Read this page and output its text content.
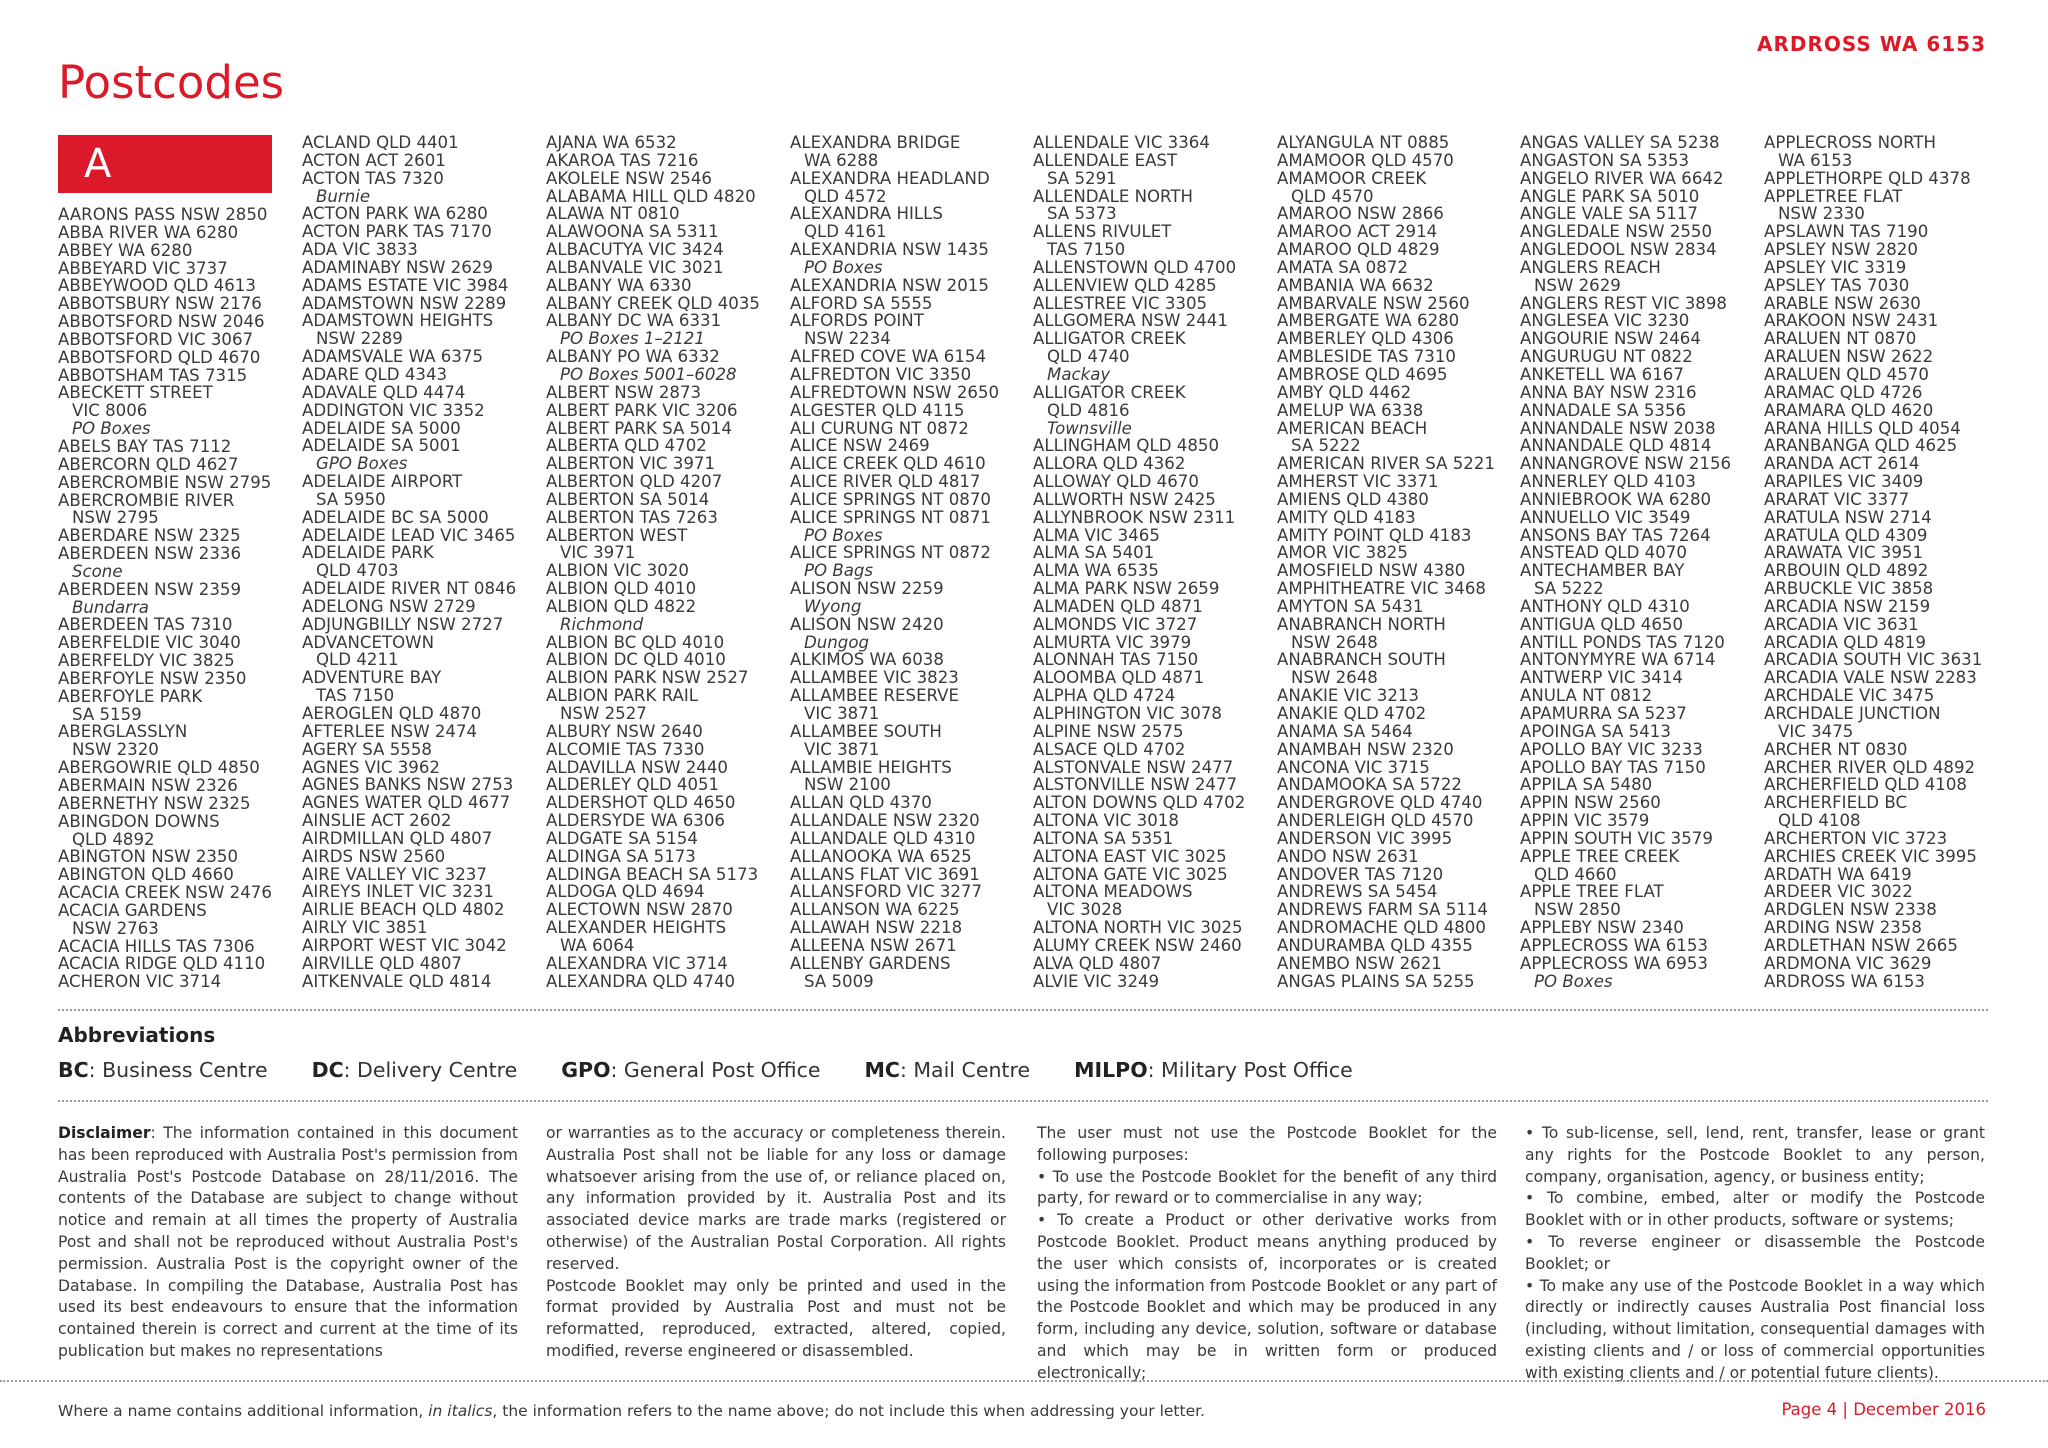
ARDROSS WA 6153
Postcodes
A
AARONS PASS NSW 2850
ABBA RIVER WA 6280
ABBEY WA 6280
ABBEYARD VIC 3737
ABBEYWOOD QLD 4613
ABBOTSBURY NSW 2176
ABBOTSFORD NSW 2046
ABBOTSFORD VIC 3067
ABBOTSFORD QLD 4670
ABBOTSHAM TAS 7315
ABECKETT STREET
VIC 8006
PO Boxes
ABELS BAY TAS 7112
ABERCORN QLD 4627
ABERCROMBIE NSW 2795
ABERCROMBIE RIVER
NSW 2795
ABERDARE NSW 2325
ABERDEEN NSW 2336
Scone
ABERDEEN NSW 2359
Bundarra
ABERDEEN TAS 7310
ABERFELDIE VIC 3040
ABERFELDY VIC 3825
ABERFOYLE NSW 2350
ABERFOYLE PARK
SA 5159
ABERGLASSLYN
NSW 2320
ABERGOWRIE QLD 4850
ABERMAIN NSW 2326
ABERNETHY NSW 2325
ABINGDON DOWNS
QLD 4892
ABINGTON NSW 2350
ABINGTON QLD 4660
ACACIA CREEK NSW 2476
ACACIA GARDENS
NSW 2763
ACACIA HILLS TAS 7306
ACACIA RIDGE QLD 4110
ACHERON VIC 3714
ACLAND QLD 4401
ACTON ACT 2601
ACTON TAS 7320
Burnie
ACTON PARK WA 6280
ACTON PARK TAS 7170
ADA VIC 3833
ADAMINABY NSW 2629
ADAMS ESTATE VIC 3984
ADAMSTOWN NSW 2289
ADAMSTOWN HEIGHTS
NSW 2289
ADAMSVALE WA 6375
ADARE QLD 4343
ADAVALE QLD 4474
ADDINGTON VIC 3352
ADELAIDE SA 5000
ADELAIDE SA 5001
GPO Boxes
ADELAIDE AIRPORT
SA 5950
ADELAIDE BC SA 5000
ADELAIDE LEAD VIC 3465
ADELAIDE PARK
QLD 4703
ADELAIDE RIVER NT 0846
ADELONG NSW 2729
ADJUNGBILLY NSW 2727
ADVANCETOWN
QLD 4211
ADVENTURE BAY
TAS 7150
AEROGLEN QLD 4870
AFTERLEE NSW 2474
AGERY SA 5558
AGNES VIC 3962
AGNES BANKS NSW 2753
AGNES WATER QLD 4677
AINSLIE ACT 2602
AIRDMILLAN QLD 4807
AIRDS NSW 2560
AIRE VALLEY VIC 3237
AIREYS INLET VIC 3231
AIRLIE BEACH QLD 4802
AIRLY VIC 3851
AIRPORT WEST VIC 3042
AIRVILLE QLD 4807
AITKENVALE QLD 4814
AJANA WA 6532
AKAROA TAS 7216
AKOLELE NSW 2546
ALABAMA HILL QLD 4820
ALAWA NT 0810
ALAWOONA SA 5311
ALBACUTYA VIC 3424
ALBANVALE VIC 3021
ALBANY WA 6330
ALBANY CREEK QLD 4035
ALBANY DC WA 6331
PO Boxes 1–2121
ALBANY PO WA 6332
PO Boxes 5001–6028
ALBERT NSW 2873
ALBERT PARK VIC 3206
ALBERT PARK SA 5014
ALBERTA QLD 4702
ALBERTON VIC 3971
ALBERTON QLD 4207
ALBERTON SA 5014
ALBERTON TAS 7263
ALBERTON WEST
VIC 3971
ALBION VIC 3020
ALBION QLD 4010
ALBION QLD 4822
Richmond
ALBION BC QLD 4010
ALBION DC QLD 4010
ALBION PARK NSW 2527
ALBION PARK RAIL
NSW 2527
ALBURY NSW 2640
ALCOMIE TAS 7330
ALDAVILLA NSW 2440
ALDERLEY QLD 4051
ALDERSHOT QLD 4650
ALDERSYDE WA 6306
ALDGATE SA 5154
ALDINGA SA 5173
ALDINGA BEACH SA 5173
ALDOGA QLD 4694
ALECTOWN NSW 2870
ALEXANDER HEIGHTS
WA 6064
ALEXANDRA VIC 3714
ALEXANDRA QLD 4740
ALEXANDRA BRIDGE
WA 6288
ALEXANDRA HEADLAND
QLD 4572
ALEXANDRA HILLS
QLD 4161
ALEXANDRIA NSW 1435
PO Boxes
ALEXANDRIA NSW 2015
ALFORD SA 5555
ALFORDS POINT
NSW 2234
ALFRED COVE WA 6154
ALFREDTON VIC 3350
ALFREDTOWN NSW 2650
ALGESTER QLD 4115
ALI CURUNG NT 0872
ALICE NSW 2469
ALICE CREEK QLD 4610
ALICE RIVER QLD 4817
ALICE SPRINGS NT 0870
ALICE SPRINGS NT 0871
PO Boxes
ALICE SPRINGS NT 0872
PO Bags
ALISON NSW 2259
Wyong
ALISON NSW 2420
Dungog
ALKIMOS WA 6038
ALLAMBEE VIC 3823
ALLAMBEE RESERVE
VIC 3871
ALLAMBEE SOUTH
VIC 3871
ALLAMBIE HEIGHTS
NSW 2100
ALLAN QLD 4370
ALLANDALE NSW 2320
ALLANDALE QLD 4310
ALLANOOKA WA 6525
ALLANS FLAT VIC 3691
ALLANSFORD VIC 3277
ALLANSON WA 6225
ALLAWAH NSW 2218
ALLEENA NSW 2671
ALLENBY GARDENS
SA 5009
ALLENDALE VIC 3364
ALLENDALE EAST
SA 5291
ALLENDALE NORTH
SA 5373
ALLENS RIVULET
TAS 7150
ALLENSTOWN QLD 4700
ALLENVIEW QLD 4285
ALLESTREE VIC 3305
ALLGOMERA NSW 2441
ALLIGATOR CREEK
QLD 4740
Mackay
ALLIGATOR CREEK
QLD 4816
Townsville
ALLINGHAM QLD 4850
ALLORA QLD 4362
ALLOWAY QLD 4670
ALLWORTH NSW 2425
ALLYNBROOK NSW 2311
ALMA VIC 3465
ALMA SA 5401
ALMA WA 6535
ALMA PARK NSW 2659
ALMADEN QLD 4871
ALMONDS VIC 3727
ALMURTA VIC 3979
ALONNAH TAS 7150
ALOOMBA QLD 4871
ALPHA QLD 4724
ALPHINGTON VIC 3078
ALPINE NSW 2575
ALSACE QLD 4702
ALSTONVALE NSW 2477
ALSTONVILLE NSW 2477
ALTON DOWNS QLD 4702
ALTONA VIC 3018
ALTONA SA 5351
ALTONA EAST VIC 3025
ALTONA GATE VIC 3025
ALTONA MEADOWS
VIC 3028
ALTONA NORTH VIC 3025
ALUMY CREEK NSW 2460
ALVA QLD 4807
ALVIE VIC 3249
ALYANGULA NT 0885
AMAMOOR QLD 4570
AMAMOOR CREEK
QLD 4570
AMAROO NSW 2866
AMAROO ACT 2914
AMAROO QLD 4829
AMATA SA 0872
AMBANIA WA 6632
AMBARVALE NSW 2560
AMBERGATE WA 6280
AMBERLEY QLD 4306
AMBLESIDE TAS 7310
AMBROSE QLD 4695
AMBY QLD 4462
AMELUP WA 6338
AMERICAN BEACH
SA 5222
AMERICAN RIVER SA 5221
AMHERST VIC 3371
AMIENS QLD 4380
AMITY QLD 4183
AMITY POINT QLD 4183
AMOR VIC 3825
AMOSFIELD NSW 4380
AMPHITHEATRE VIC 3468
AMYTON SA 5431
ANABRANCH NORTH
NSW 2648
ANABRANCH SOUTH
NSW 2648
ANAKIE VIC 3213
ANAKIE QLD 4702
ANAMA SA 5464
ANAMBAH NSW 2320
ANCONA VIC 3715
ANDAMOOKA SA 5722
ANDERGROVE QLD 4740
ANDERLEIGH QLD 4570
ANDERSON VIC 3995
ANDO NSW 2631
ANDOVER TAS 7120
ANDREWS SA 5454
ANDREWS FARM SA 5114
ANDROMACHE QLD 4800
ANDURAMBA QLD 4355
ANEMBO NSW 2621
ANGAS PLAINS SA 5255
ANGAS VALLEY SA 5238
ANGASTON SA 5353
ANGELO RIVER WA 6642
ANGLE PARK SA 5010
ANGLE VALE SA 5117
ANGLEDALE NSW 2550
ANGLEDOOL NSW 2834
ANGLERS REACH
NSW 2629
ANGLERS REST VIC 3898
ANGLESEA VIC 3230
ANGOURIE NSW 2464
ANGURUGU NT 0822
ANKETELL WA 6167
ANNA BAY NSW 2316
ANNADALE SA 5356
ANNANDALE NSW 2038
ANNANDALE QLD 4814
ANNANGROVE NSW 2156
ANNERLEY QLD 4103
ANNIEBROOK WA 6280
ANNUELLO VIC 3549
ANSONS BAY TAS 7264
ANSTEAD QLD 4070
ANTECHAMBER BAY
SA 5222
ANTHONY QLD 4310
ANTIGUA QLD 4650
ANTILL PONDS TAS 7120
ANTONYMYRE WA 6714
ANTWERP VIC 3414
ANULA NT 0812
APAMURRA SA 5237
APOINGA SA 5413
APOLLO BAY VIC 3233
APOLLO BAY TAS 7150
APPILA SA 5480
APPIN NSW 2560
APPIN VIC 3579
APPIN SOUTH VIC 3579
APPLE TREE CREEK
QLD 4660
APPLE TREE FLAT
NSW 2850
APPLEBY NSW 2340
APPLECROSS WA 6153
APPLECROSS WA 6953
PO Boxes
APPLECROSS NORTH
WA 6153
APPLETHORPE QLD 4378
APPLETREE FLAT
NSW 2330
APSLAWN TAS 7190
APSLEY NSW 2820
APSLEY VIC 3319
APSLEY TAS 7030
ARABLE NSW 2630
ARAKOON NSW 2431
ARALUEN NT 0870
ARALUEN NSW 2622
ARALUEN QLD 4570
ARAMAC QLD 4726
ARAMARA QLD 4620
ARANA HILLS QLD 4054
ARANBANGA QLD 4625
ARANDA ACT 2614
ARAPILES VIC 3409
ARARAT VIC 3377
ARATULA NSW 2714
ARATULA QLD 4309
ARAWATA VIC 3951
ARBOUIN QLD 4892
ARBUCKLE VIC 3858
ARCADIA NSW 2159
ARCADIA VIC 3631
ARCADIA QLD 4819
ARCADIA SOUTH VIC 3631
ARCADIA VALE NSW 2283
ARCHDALE VIC 3475
ARCHDALE JUNCTION
VIC 3475
ARCHER NT 0830
ARCHER RIVER QLD 4892
ARCHERFIELD QLD 4108
ARCHERFIELD BC
QLD 4108
ARCHERTON VIC 3723
ARCHIES CREEK VIC 3995
ARDATH WA 6419
ARDEER VIC 3022
ARDGLEN NSW 2338
ARDING NSW 2358
ARDLETHAN NSW 2665
ARDMONA VIC 3629
ARDROSS WA 6153
Abbreviations
BC: Business Centre DC: Delivery Centre GPO: General Post Office MC: Mail Centre MILPO: Military Post Office

Disclaimer: The information contained in this document has been reproduced with Australia Post's permission from Australia Post's Postcode Database on 28/11/2016. The contents of the Database are subject to change without notice and remain at all times the property of Australia Post and shall not be reproduced without Australia Post's permission. Australia Post is the copyright owner of the Database. In compiling the Database, Australia Post has used its best endeavours to ensure that the information contained therein is correct and current at the time of its publication but makes no representations

or warranties as to the accuracy or completeness therein. Australia Post shall not be liable for any loss or damage whatsoever arising from the use of, or reliance placed on, any information provided by it. Australia Post and its associated device marks are trade marks (registered or otherwise) of the Australian Postal Corporation. All rights reserved.

Postcode Booklet may only be printed and used in the format provided by Australia Post and must not be reformatted, reproduced, extracted, altered, copied, modified, reverse engineered or disassembled.

The user must not use the Postcode Booklet for the following purposes:

• To use the Postcode Booklet for the benefit of any third party, for reward or to commercialise in any way;

• To create a Product or other derivative works from Postcode Booklet. Product means anything produced by the user which consists of, incorporates or is created using the information from Postcode Booklet or any part of the Postcode Booklet and which may be produced in any form, including any device, solution, software or database and which may be in written form or produced electronically;

• To sub-license, sell, lend, rent, transfer, lease or grant any rights for the Postcode Booklet to any person, company, organisation, agency, or business entity;

• To combine, embed, alter or modify the Postcode Booklet with or in other products, software or systems;

• To reverse engineer or disassemble the Postcode Booklet; or

• To make any use of the Postcode Booklet in a way which directly or indirectly causes Australia Post financial loss (including, without limitation, consequential damages with existing clients and / or loss of commercial opportunities with existing clients and / or potential future clients).

Where a name contains additional information, in italics, the information refers to the name above; do not include this when addressing your letter.	Page 4 | December 2016
